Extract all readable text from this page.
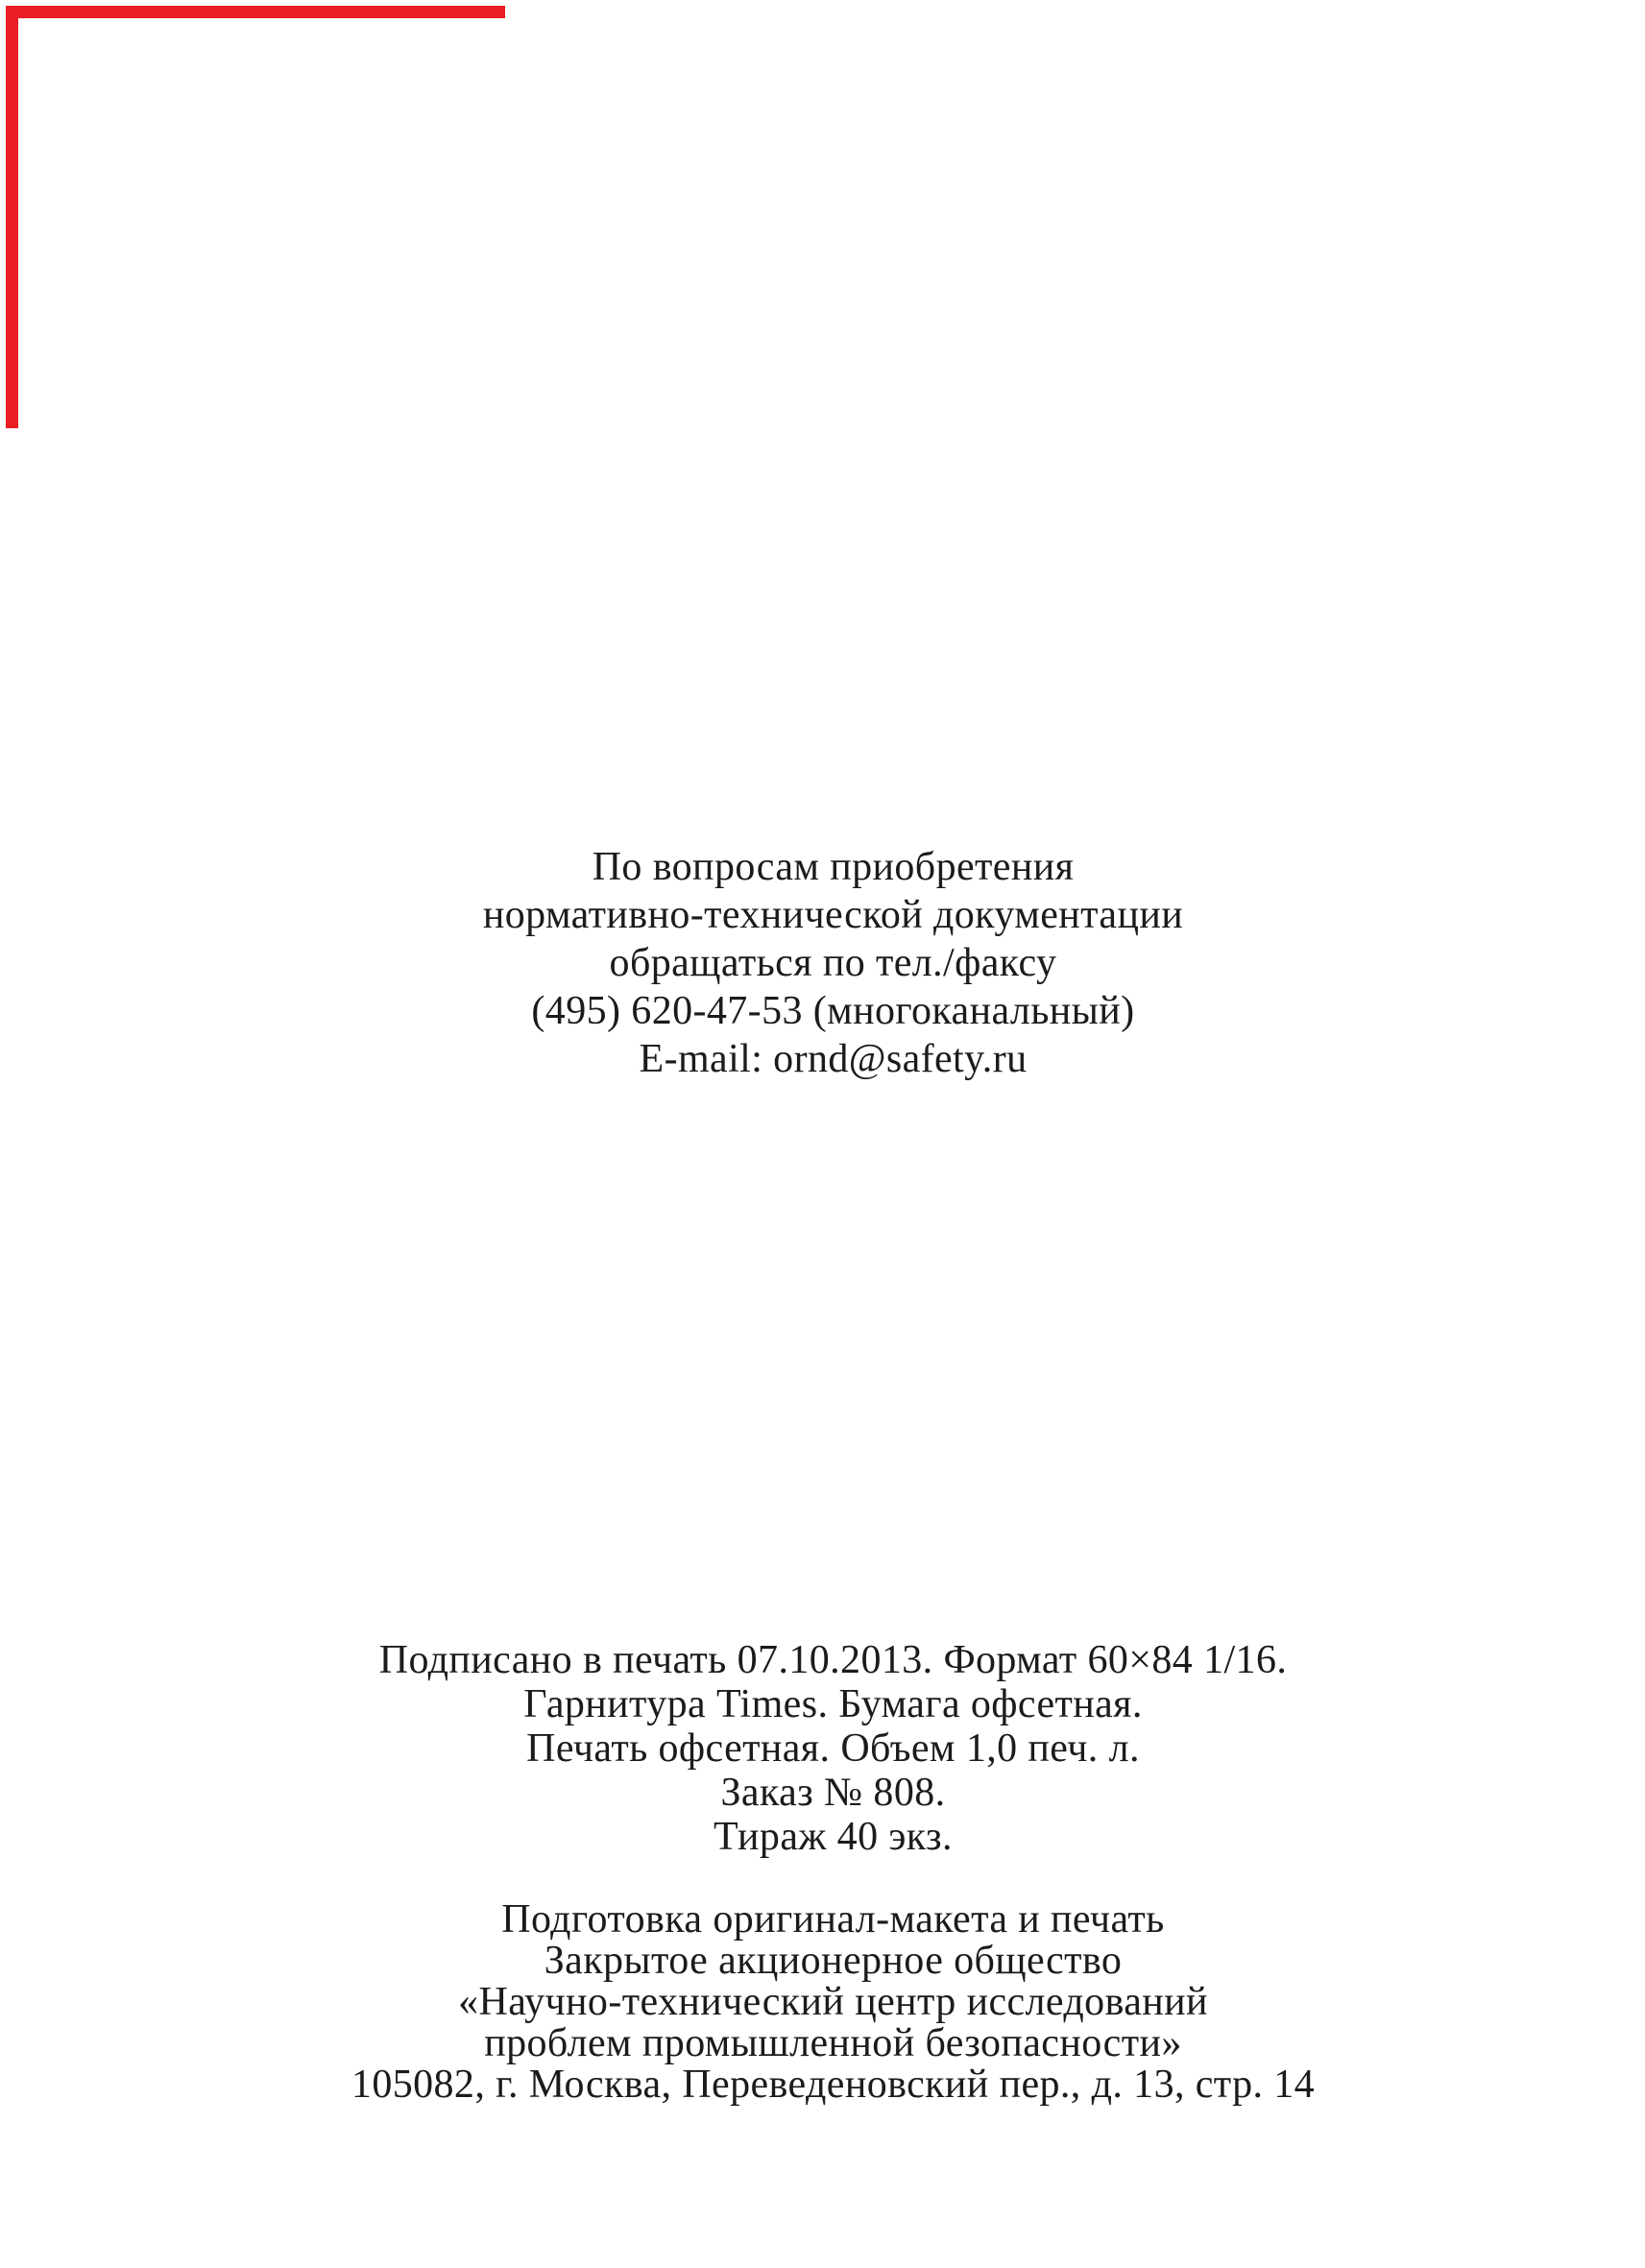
По вопросам приобретения
нормативно-технической документации
обращаться по тел./факсу
(495) 620-47-53 (многоканальный)
E-mail: ornd@safety.ru
Подписано в печать 07.10.2013. Формат 60×84 1/16.
Гарнитура Times. Бумага офсетная.
Печать офсетная. Объем 1,0 печ. л.
Заказ № 808.
Тираж 40 экз.
Подготовка оригинал-макета и печать
Закрытое акционерное общество
«Научно-технический центр исследований
проблем промышленной безопасности»
105082, г. Москва, Переведеновский пер., д. 13, стр. 14
